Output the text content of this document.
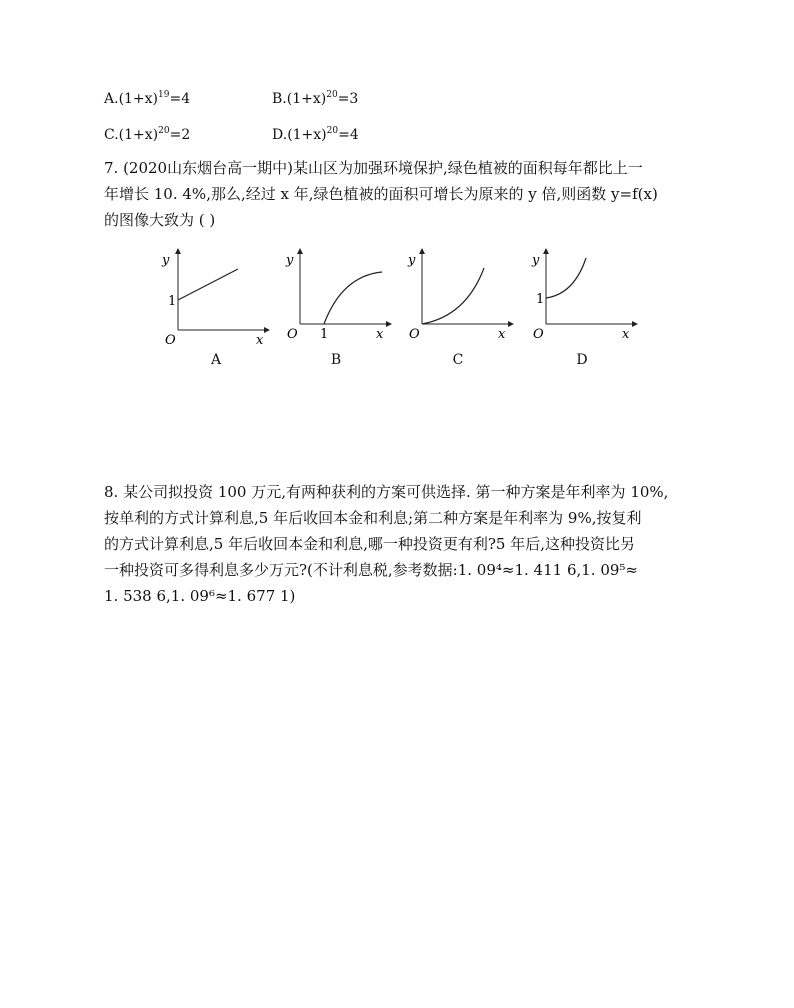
$A.(1+x)^{19}=4$	$B.(1+x)^{20}=3$
$C.(1+x)^{20}=2$	$D.(1+x)^{20}=4$
7. (2020山东烟台高一期中)某山区为加强环境保护,绿色植被的面积每年都比上一
年增长 10. 4%,那么,经过 x 年,绿色植被的面积可增长为原来的 y 倍,则函数 y=f(x)
的图像大致为 ( )
y
x
O
1
A
y
x
O 1
B
y
x
O
C
y
x
O
1
D
8. 某公司拟投资 100 万元,有两种获利的方案可供选择. 第一种方案是年利率为 10%,
按单利的方式计算利息,5 年后收回本金和利息;第二种方案是年利率为 9%,按复利
的方式计算利息,5 年后收回本金和利息,哪一种投资更有利?5 年后,这种投资比另
一种投资可多得利息多少万元?(不计利息税,参考数据:1. 09⁴≈1. 411 6,1. 09⁵≈
1. 538 6,1. 09⁶≈1. 677 1)
